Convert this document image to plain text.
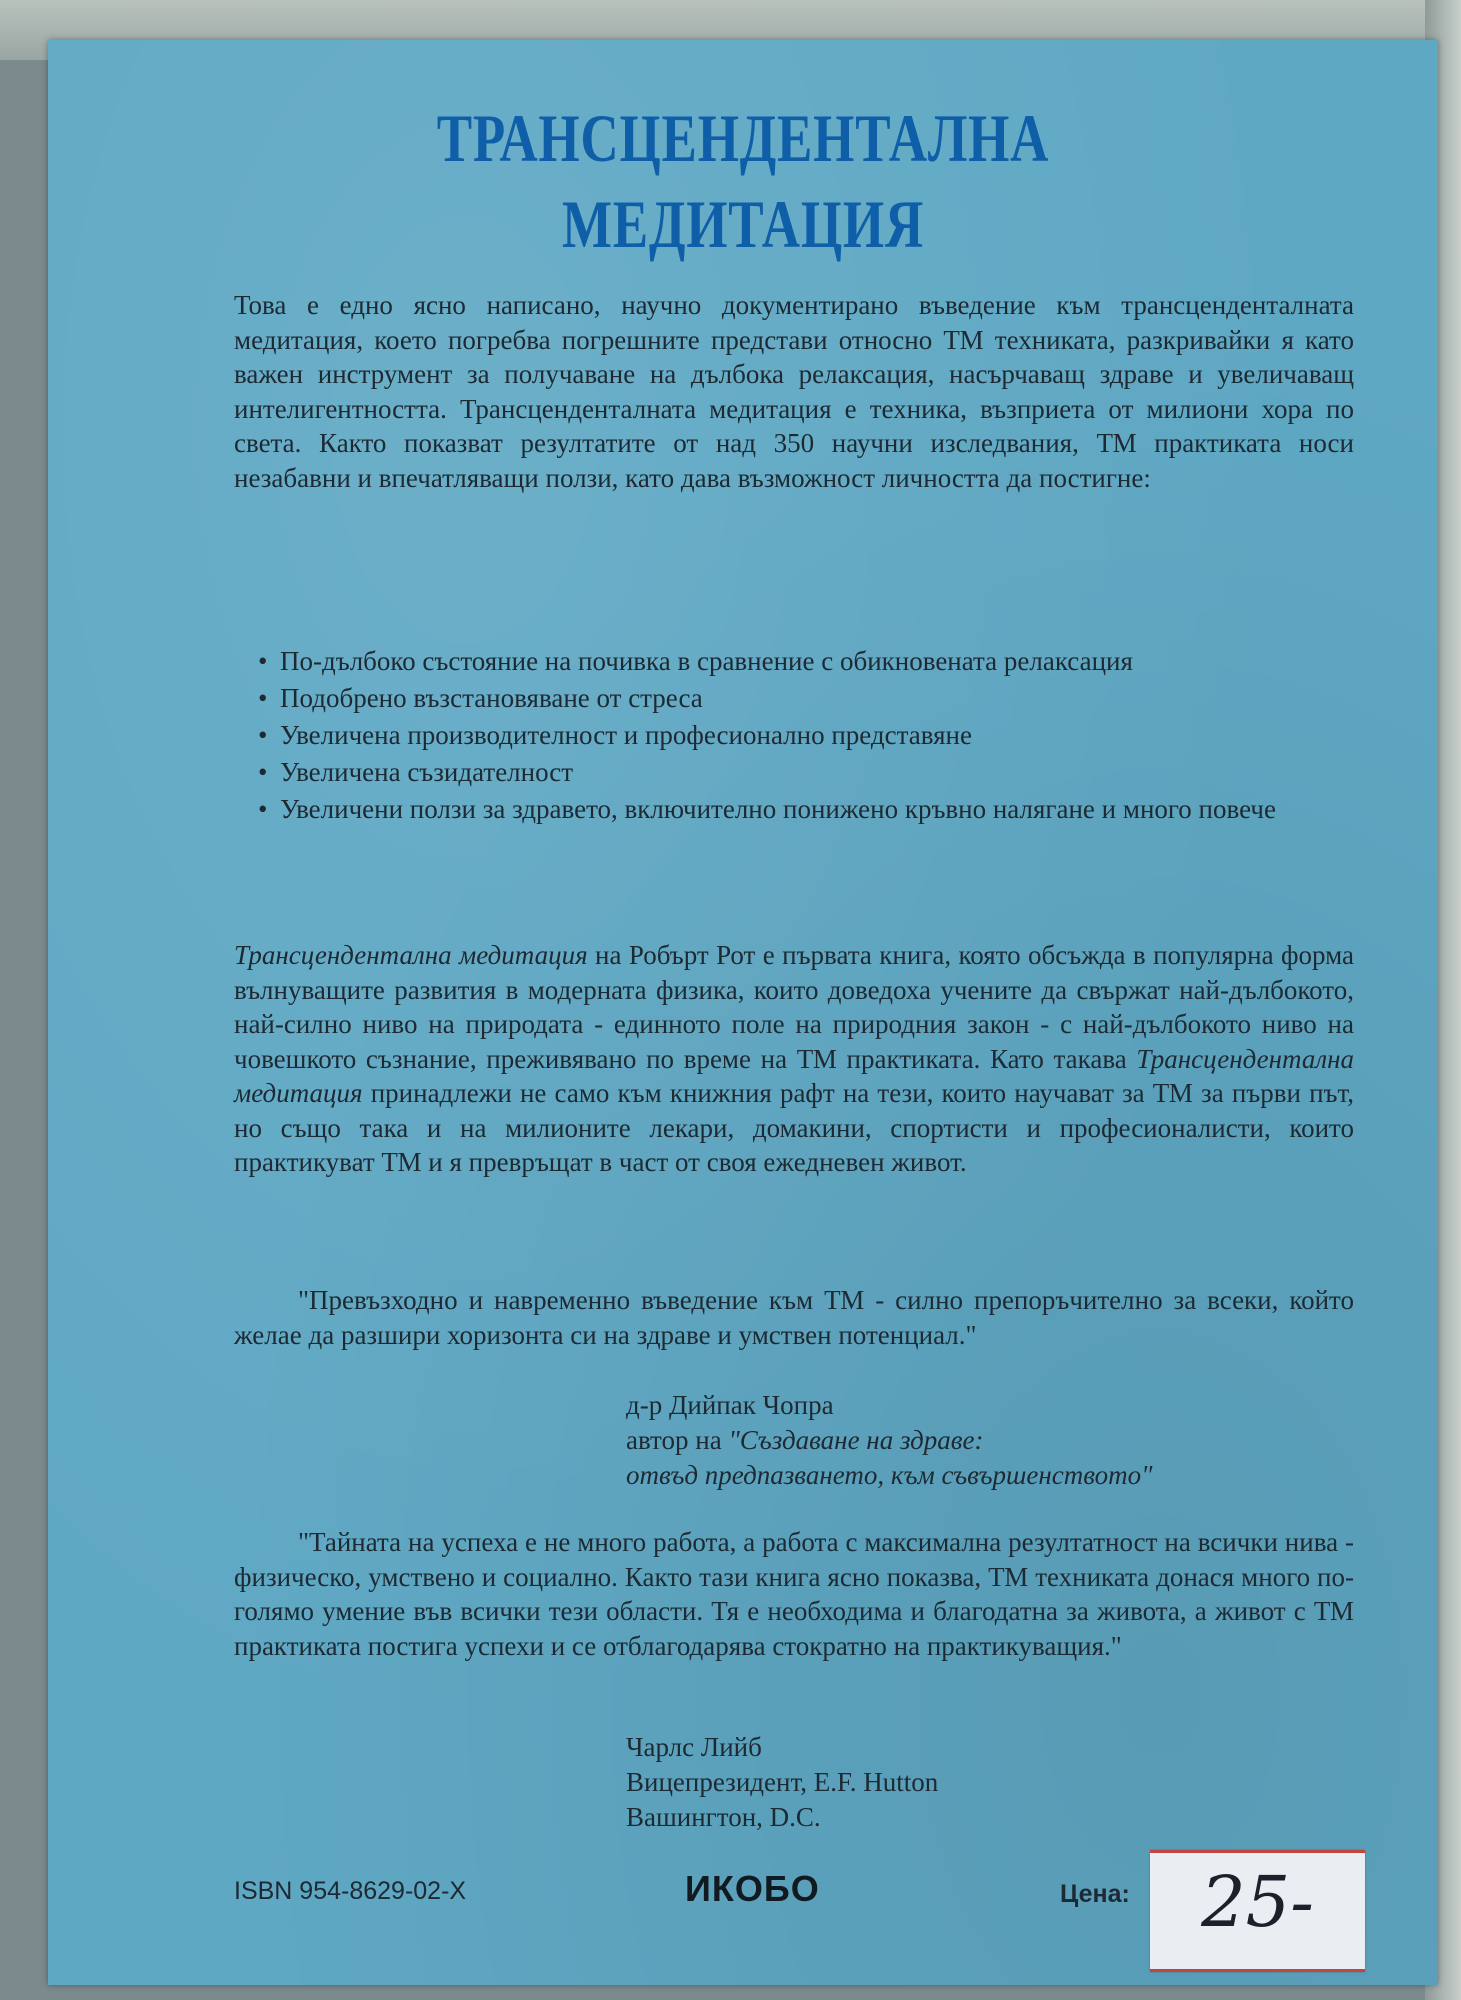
ТРАНСЦЕНДЕНТАЛНА
МЕДИТАЦИЯ

Това е едно ясно написано, научно документирано въведение към трансценденталната медитация, което погребва погрешните представи относно ТМ техниката, разкривайки я като важен инструмент за получаване на дълбока релаксация, насърчаващ здраве и увеличаващ интелигентността. Трансценденталната медитация е техника, възприета от милиони хора по света. Както показват резултатите от над 350 научни изследвания, ТМ практиката носи незабавни и впечатляващи ползи, като дава възможност личността да постигне:

• По-дълбоко състояние на почивка в сравнение с обикновената релаксация
• Подобрено възстановяване от стреса
• Увеличена производителност и професионално представяне
• Увеличена съзидателност
• Увеличени ползи за здравето, включително понижено кръвно налягане и много повече

Трансцендентална медитация на Робърт Рот е първата книга, която обсъжда в популярна форма вълнуващите развития в модерната физика, които доведоха учените да свържат най-дълбокото, най-силно ниво на природата - единното поле на природния закон - с най-дълбокото ниво на човешкото съзнание, преживявано по време на ТМ практиката. Като такава Трансцендентална медитация принадлежи не само към книжния рафт на тези, които научават за ТМ за първи път, но също така и на милионите лекари, домакини, спортисти и професионалисти, които практикуват ТМ и я превръщат в част от своя ежедневен живот.

"Превъзходно и навременно въведение към ТМ - силно препоръчително за всеки, който желае да разшири хоризонта си на здраве и умствен потенциал."

д-р Дийпак Чопра
автор на "Създаване на здраве:
отвъд предпазването, към съвършенството"

"Тайната на успеха е не много работа, а работа с максимална резултатност на всички нива - физическо, умствено и социално. Както тази книга ясно показва, ТМ техниката донася много по-голямо умение във всички тези области. Тя е необходима и благодатна за живота, а живот с ТМ практиката постига успехи и се отблагодарява стократно на практикуващия."

Чарлс Лийб
Вицепрезидент, E.F. Hutton
Вашингтон, D.C.
ISBN 954-8629-02-X	ИКОБО	Цена:	25-
